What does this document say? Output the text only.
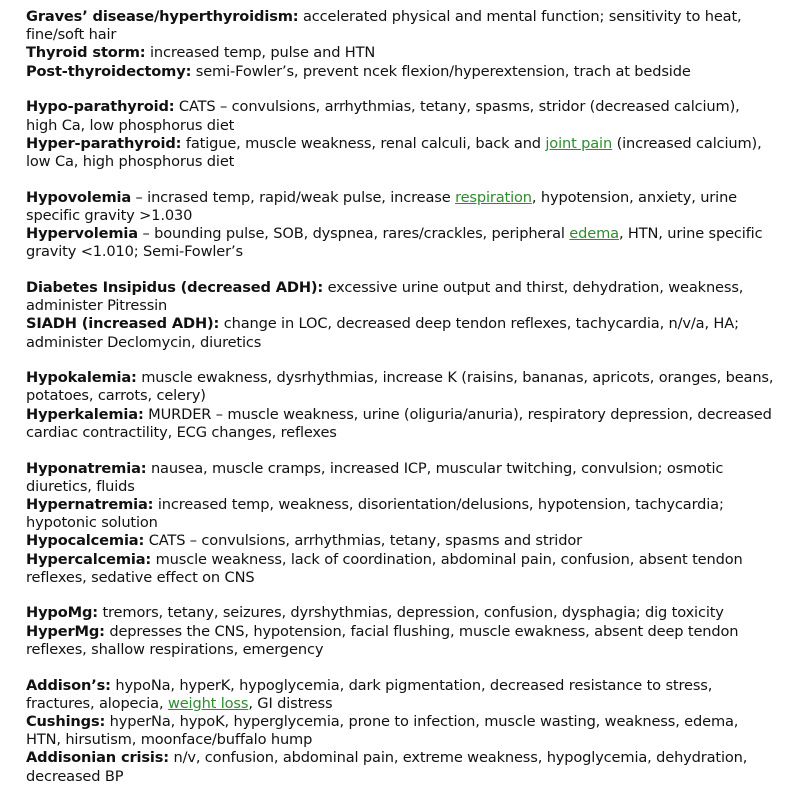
Graves’ disease/hyperthyroidism: accelerated physical and mental function; sensitivity to heat, fine/soft hair

Thyroid storm: increased temp, pulse and HTN

Post-thyroidectomy: semi-Fowler’s, prevent ncek flexion/hyperextension, trach at bedside

Hypo-parathyroid: CATS – convulsions, arrhythmias, tetany, spasms, stridor (decreased calcium), high Ca, low phosphorus diet

Hyper-parathyroid: fatigue, muscle weakness, renal calculi, back and joint pain (increased calcium), low Ca, high phosphorus diet

Hypovolemia – incrased temp, rapid/weak pulse, increase respiration, hypotension, anxiety, urine specific gravity >1.030

Hypervolemia – bounding pulse, SOB, dyspnea, rares/crackles, peripheral edema, HTN, urine specific gravity <1.010; Semi-Fowler’s

Diabetes Insipidus (decreased ADH): excessive urine output and thirst, dehydration, weakness, administer Pitressin

SIADH (increased ADH): change in LOC, decreased deep tendon reflexes, tachycardia, n/v/a, HA; administer Declomycin, diuretics

Hypokalemia: muscle ewakness, dysrhythmias, increase K (raisins, bananas, apricots, oranges, beans, potatoes, carrots, celery)

Hyperkalemia: MURDER – muscle weakness, urine (oliguria/anuria), respiratory depression, decreased cardiac contractility, ECG changes, reflexes

Hyponatremia: nausea, muscle cramps, increased ICP, muscular twitching, convulsion; osmotic diuretics, fluids

Hypernatremia: increased temp, weakness, disorientation/delusions, hypotension, tachycardia; hypotonic solution

Hypocalcemia: CATS – convulsions, arrhythmias, tetany, spasms and stridor

Hypercalcemia: muscle weakness, lack of coordination, abdominal pain, confusion, absent tendon reflexes, sedative effect on CNS

HypoMg: tremors, tetany, seizures, dyrshythmias, depression, confusion, dysphagia; dig toxicity

HyperMg: depresses the CNS, hypotension, facial flushing, muscle ewakness, absent deep tendon reflexes, shallow respirations, emergency

Addison’s: hypoNa, hyperK, hypoglycemia, dark pigmentation, decreased resistance to stress, fractures, alopecia, weight loss, GI distress

Cushings: hyperNa, hypoK, hyperglycemia, prone to infection, muscle wasting, weakness, edema, HTN, hirsutism, moonface/buffalo hump

Addisonian crisis: n/v, confusion, abdominal pain, extreme weakness, hypoglycemia, dehydration, decreased BP
